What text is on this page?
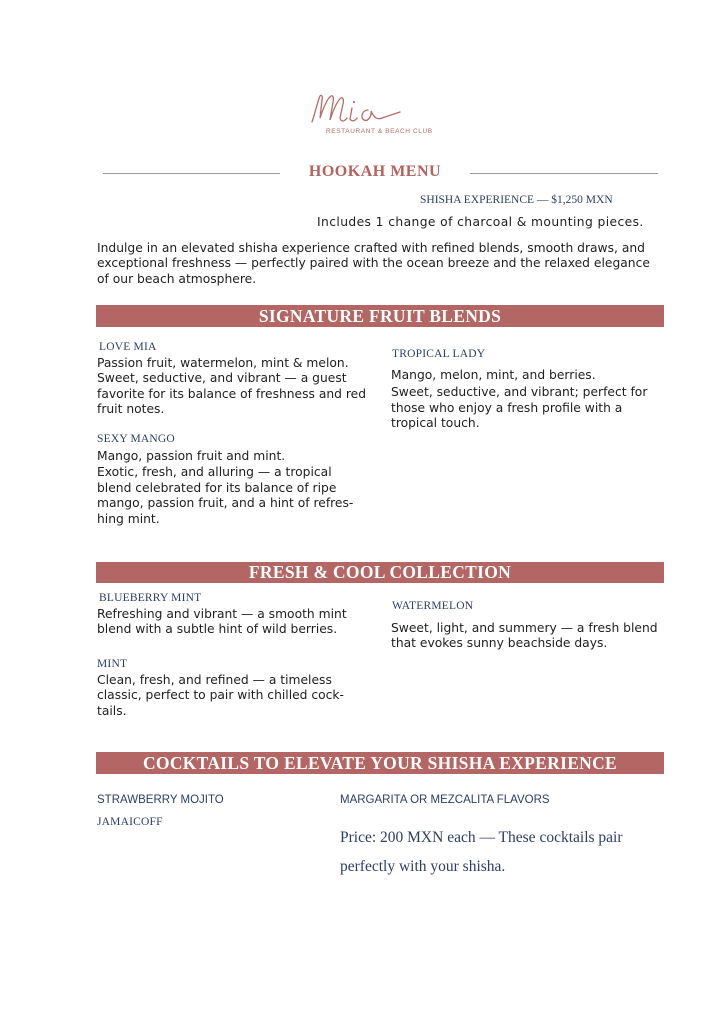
RESTAURANT & BEACH CLUB
HOOKAH MENU
SHISHA EXPERIENCE — $1,250 MXN
Includes 1 change of charcoal & mounting pieces.
Indulge in an elevated shisha experience crafted with refined blends, smooth draws, and exceptional freshness — perfectly paired with the ocean breeze and the relaxed elegance of our beach atmosphere.
SIGNATURE FRUIT BLENDS
LOVE MIA

Passion fruit, watermelon, mint & melon.

Sweet, seductive, and vibrant — a guest favorite for its balance of freshness and red fruit notes.

SEXY MANGO

Mango, passion fruit and mint.

Exotic, fresh, and alluring — a tropical blend celebrated for its balance of ripe mango, passion fruit, and a hint of refres-hing mint.

TROPICAL LADY

Mango, melon, mint, and berries.

Sweet, seductive, and vibrant; perfect for those who enjoy a fresh profile with a tropical touch.

FRESH & COOL COLLECTION
BLUEBERRY MINT
Refreshing and vibrant — a smooth mint blend with a subtle hint of wild berries.
MINT
Clean, fresh, and refined — a timeless classic, perfect to pair with chilled cock-tails.
WATERMELON
Sweet, light, and summery — a fresh blend that evokes sunny beachside days.
COCKTAILS TO ELEVATE YOUR SHISHA EXPERIENCE
STRAWBERRY MOJITO
JAMAICOFF
MARGARITA OR MEZCALITA FLAVORS
Price: 200 MXN each — These cocktails pair
perfectly with your shisha.
